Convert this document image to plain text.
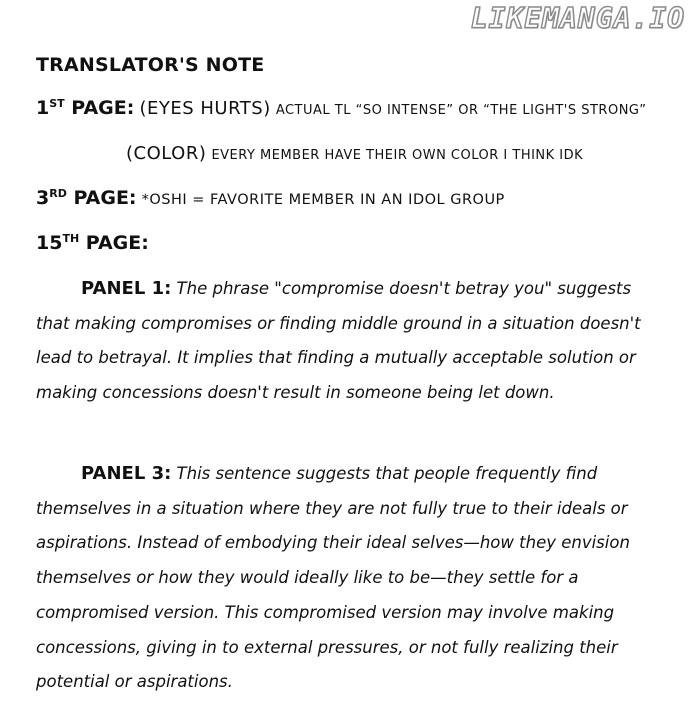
LIKEMANGA.IO
TRANSLATOR'S NOTE
1ST PAGE: (EYES HURTS) ACTUAL TL “SO INTENSE” OR “THE LIGHT'S STRONG”
(COLOR) EVERY MEMBER HAVE THEIR OWN COLOR I THINK IDK
3RD PAGE: *OSHI = FAVORITE MEMBER IN AN IDOL GROUP
15TH PAGE:

PANEL 1: The phrase "compromise doesn't betray you" suggests that making compromises or finding middle ground in a situation doesn't lead to betrayal. It implies that finding a mutually acceptable solution or making concessions doesn't result in someone being let down.

PANEL 3: This sentence suggests that people frequently find themselves in a situation where they are not fully true to their ideals or aspirations. Instead of embodying their ideal selves—how they envision themselves or how they would ideally like to be—they settle for a compromised version. This compromised version may involve making concessions, giving in to external pressures, or not fully realizing their potential or aspirations.
